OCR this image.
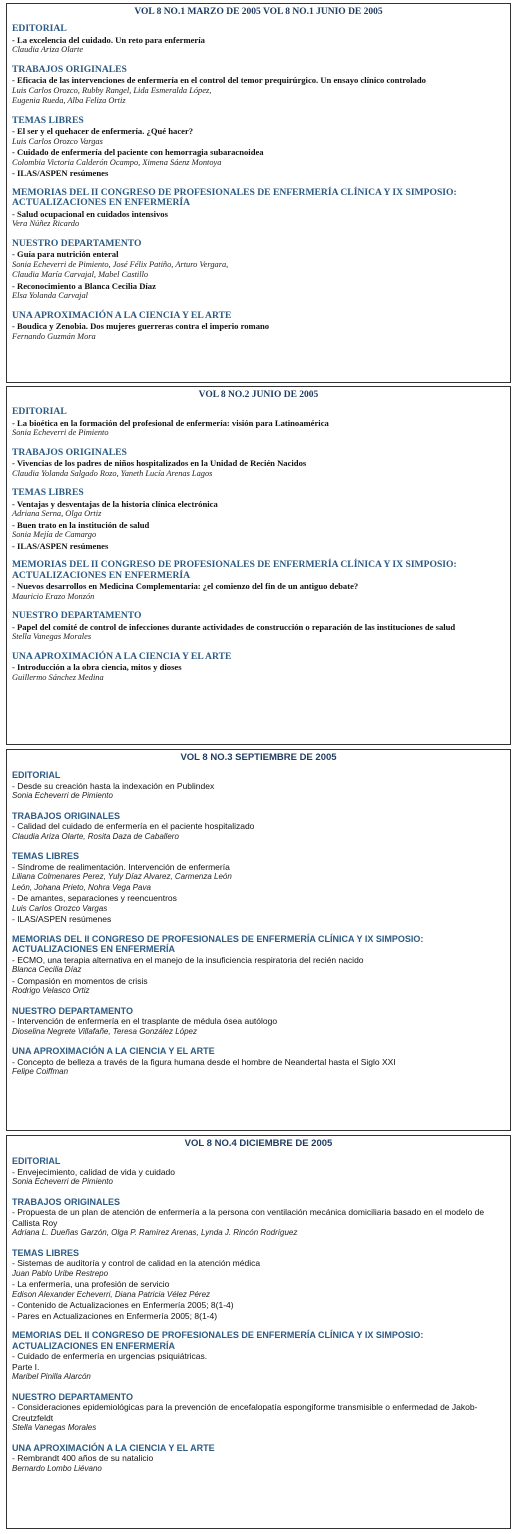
VOL 8 NO.1 MARZO DE 2005 VOL 8 NO.1 JUNIO DE 2005
EDITORIAL
- La excelencia del cuidado. Un reto para enfermería
Claudia Ariza Olarte
TRABAJOS ORIGINALES
- Eficacia de las intervenciones de enfermería en el control del temor prequirúrgico. Un ensayo clínico controlado
Luis Carlos Orozco, Rubby Rangel, Lida Esmeralda López,
Eugenia Rueda, Alba Feliza Ortiz
TEMAS LIBRES
- El ser y el quehacer de enfermería. ¿Qué hacer?
Luis Carlos Orozco Vargas
- Cuidado de enfermería del paciente con hemorragia subaracnoidea
Colombia Victoria Calderón Ocampo, Ximena Sáenz Montoya
- ILAS/ASPEN resúmenes
MEMORIAS DEL II CONGRESO DE PROFESIONALES DE ENFERMERÍA CLÍNICA Y IX SIMPOSIO: ACTUALIZACIONES EN ENFERMERÍA
- Salud ocupacional en cuidados intensivos
Vera Núñez Ricardo
NUESTRO DEPARTAMENTO
- Guía para nutrición enteral
Sonia Echeverri de Pimiento, José Félix Patiño, Arturo Vergara,
Claudia María Carvajal, Mabel Castillo
- Reconocimiento a Blanca Cecilia Díaz
Elsa Yolanda Carvajal
UNA APROXIMACIÓN A LA CIENCIA Y EL ARTE
- Boudica y Zenobia. Dos mujeres guerreras contra el imperio romano
Fernando Guzmán Mora
VOL 8 NO.2 JUNIO DE 2005
EDITORIAL
- La bioética en la formación del profesional de enfermería: visión para Latinoamérica
Sonia Echeverri de Pimiento
TRABAJOS ORIGINALES
- Vivencias de los padres de niños hospitalizados en la Unidad de Recién Nacidos
Claudia Yolanda Salgado Rozo, Yaneth Lucía Arenas Lagos
TEMAS LIBRES
- Ventajas y desventajas de la historia clínica electrónica
Adriana Serna, Olga Ortiz
- Buen trato en la institución de salud
Sonia Mejía de Camargo
- ILAS/ASPEN resúmenes
MEMORIAS DEL II CONGRESO DE PROFESIONALES DE ENFERMERÍA CLÍNICA Y IX SIMPOSIO: ACTUALIZACIONES EN ENFERMERÍA
- Nuevos desarrollos en Medicina Complementaria: ¿el comienzo del fin de un antiguo debate?
Mauricio Erazo Monzón
NUESTRO DEPARTAMENTO
- Papel del comité de control de infecciones durante actividades de construcción o reparación de las instituciones de salud
Stella Vanegas Morales
UNA APROXIMACIÓN A LA CIENCIA Y EL ARTE
- Introducción a la obra ciencia, mitos y dioses
Guillermo Sánchez Medina
VOL 8 NO.3 SEPTIEMBRE DE 2005
EDITORIAL
- Desde su creación hasta la indexación en Publindex
Sonia Echeverri de Pimiento
TRABAJOS ORIGINALES
- Calidad del cuidado de enfermería en el paciente hospitalizado
Claudia Ariza Olarte, Rosita Daza de Caballero
TEMAS LIBRES
- Síndrome de realimentación. Intervención de enfermería
Liliana Colmenares Perez, Yuly Díaz Alvarez, Carmenza León
León, Johana Prieto, Nohra Vega Pava
- De amantes, separaciones y reencuentros
Luis Carlos Orozco Vargas
- ILAS/ASPEN resúmenes
MEMORIAS DEL II CONGRESO DE PROFESIONALES DE ENFERMERÍA CLÍNICA Y IX SIMPOSIO: ACTUALIZACIONES EN ENFERMERÍA
- ECMO, una terapia alternativa en el manejo de la insuficiencia respiratoria del recién nacido
Blanca Cecilia Díaz
- Compasión en momentos de crisis
Rodrigo Velasco Ortiz
NUESTRO DEPARTAMENTO
- Intervención de enfermería en el trasplante de médula ósea autólogo
Dioselina Negrete Villafañe, Teresa González López
UNA APROXIMACIÓN A LA CIENCIA Y EL ARTE
- Concepto de belleza a través de la figura humana desde el hombre de Neandertal hasta el Siglo XXI
Felipe Coiffman
VOL 8 NO.4 DICIEMBRE DE 2005
EDITORIAL
- Envejecimiento, calidad de vida y cuidado
Sonia Echeverri de Pimiento
TRABAJOS ORIGINALES
- Propuesta de un plan de atención de enfermería a la persona con ventilación mecánica domiciliaria basado en el modelo de Callista Roy
Adriana L. Dueñas Garzón, Olga P. Ramírez Arenas, Lynda J. Rincón Rodríguez
TEMAS LIBRES
- Sistemas de auditoría y control de calidad en la atención médica
Juan Pablo Uribe Restrepo
- La enfermería, una profesión de servicio
Edison Alexander Echeverri, Diana Patricia Vélez Pérez
- Contenido de Actualizaciones en Enfermería 2005; 8(1-4)
- Pares en Actualizaciones en Enfermería 2005; 8(1-4)
MEMORIAS DEL II CONGRESO DE PROFESIONALES DE ENFERMERÍA CLÍNICA Y IX SIMPOSIO: ACTUALIZACIONES EN ENFERMERÍA
- Cuidado de enfermería en urgencias psiquiátricas.
Parte I.
Maribel Pinilla Alarcón
NUESTRO DEPARTAMENTO
- Consideraciones epidemiológicas para la prevención de encefalopatía espongiforme transmisible o enfermedad de Jakob-Creutzfeldt
Stella Vanegas Morales
UNA APROXIMACIÓN A LA CIENCIA Y EL ARTE
- Rembrandt 400 años de su natalicio
Bernardo Lombo Liévano
